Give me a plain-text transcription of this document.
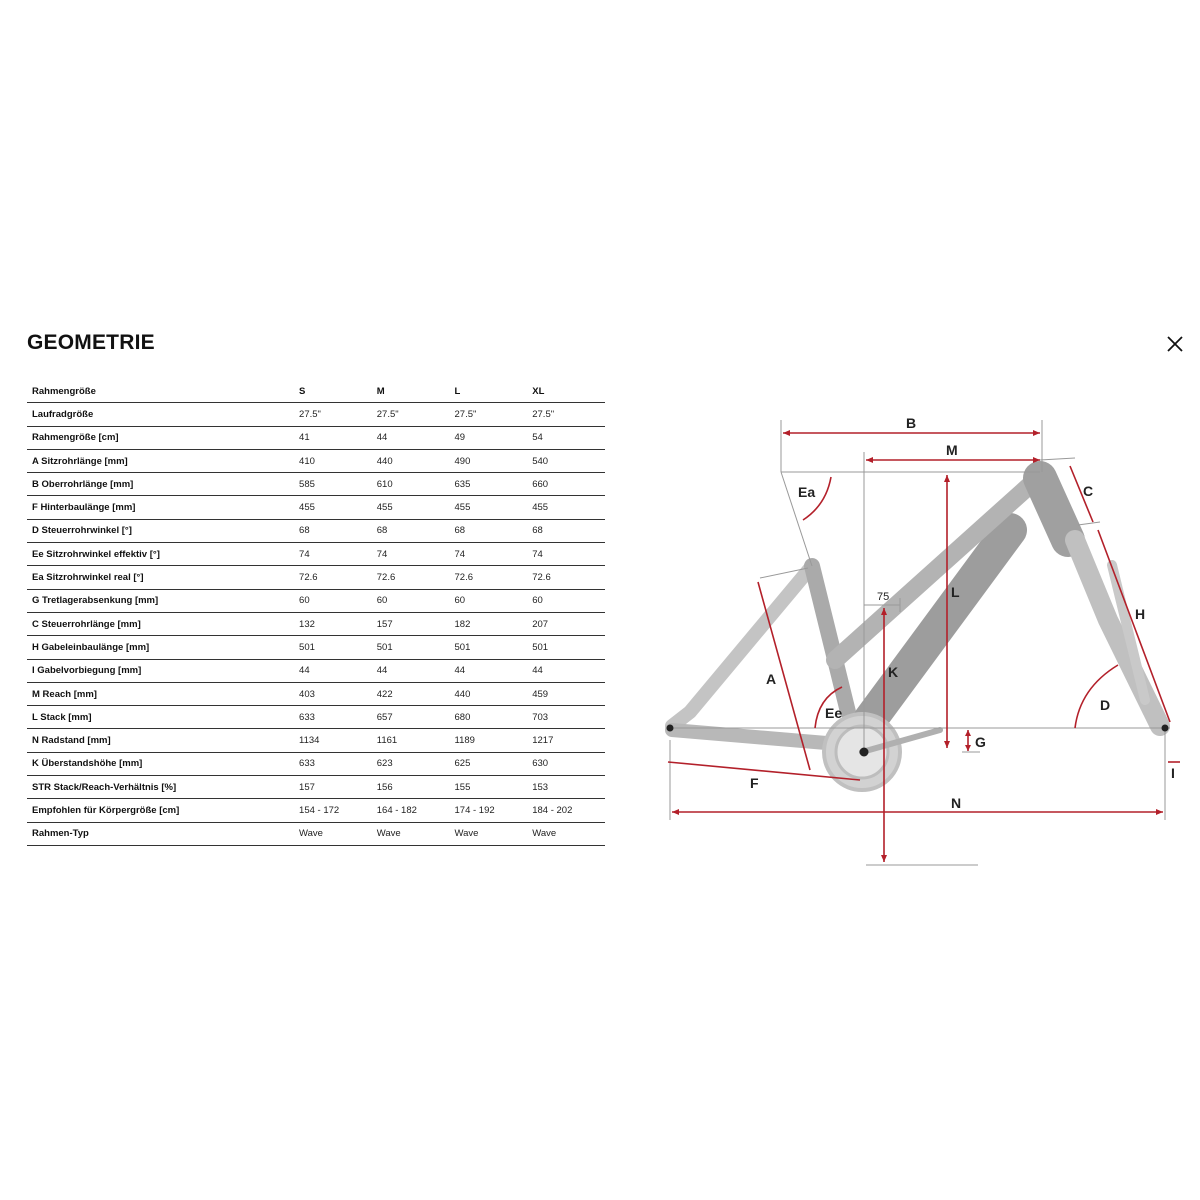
GEOMETRIE
Rahmengröße	S	M	L	XL
Laufradgröße	27.5"	27.5"	27.5"	27.5"
Rahmengröße [cm]	41	44	49	54
A Sitzrohrlänge [mm]	410	440	490	540
B Oberrohrlänge [mm]	585	610	635	660
F Hinterbaulänge [mm]	455	455	455	455
D Steuerrohrwinkel [°]	68	68	68	68
Ee Sitzrohrwinkel effektiv [°]	74	74	74	74
Ea Sitzrohrwinkel real [°]	72.6	72.6	72.6	72.6
G Tretlagerabsenkung [mm]	60	60	60	60
C Steuerrohrlänge [mm]	132	157	182	207
H Gabeleinbaulänge [mm]	501	501	501	501
I Gabelvorbiegung [mm]	44	44	44	44
M Reach [mm]	403	422	440	459
L Stack [mm]	633	657	680	703
N Radstand [mm]	1134	1161	1189	1217
K Überstandshöhe [mm]	633	623	625	630
STR Stack/Reach-Verhältnis [%]	157	156	155	153
Empfohlen für Körpergröße [cm]	154 - 172	164 - 182	174 - 192	184 - 202
Rahmen-Typ	Wave	Wave	Wave	Wave
B
M
Ea	C
L
H
A	K
D
Ee
G
F
N
I
75
